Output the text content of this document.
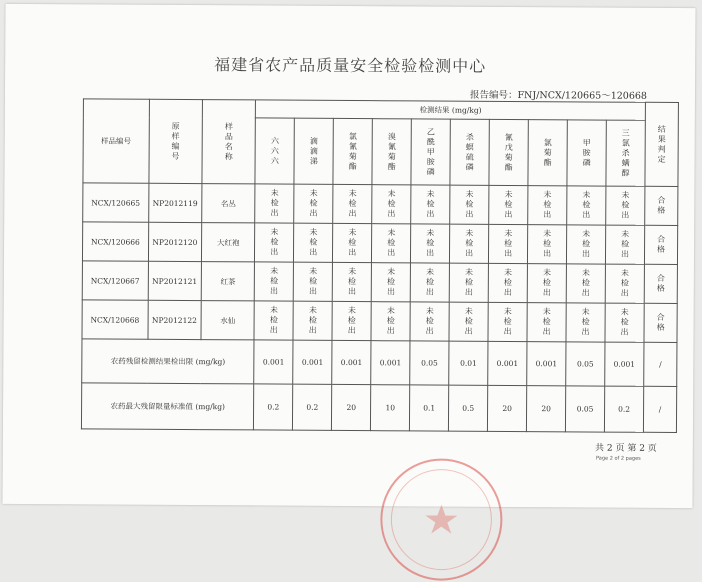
福建省农产品质量安全检验检测中心
报告编号：FNJ/NCX/120665～120668
样品编号	原样编号	样品名称	检测结果 (mg/kg)										结果判定
			六六六	滴滴涕	氯氰菊酯	溴氰菊酯	乙酰甲胺磷	杀螟硫磷	氰戊菊酯	氯菊酯	甲胺磷	三氯杀螨醇	
NCX/120665	NP2012119	名丛	未检出	未检出	未检出	未检出	未检出	未检出	未检出	未检出	未检出	未检出	合格
NCX/120666	NP2012120	大红袍	未检出	未检出	未检出	未检出	未检出	未检出	未检出	未检出	未检出	未检出	合格
NCX/120667	NP2012121	红茶	未检出	未检出	未检出	未检出	未检出	未检出	未检出	未检出	未检出	未检出	合格
NCX/120668	NP2012122	水仙	未检出	未检出	未检出	未检出	未检出	未检出	未检出	未检出	未检出	未检出	合格
农药残留检测结果检出限 (mg/kg)			0.001	0.001	0.001	0.001	0.05	0.01	0.001	0.001	0.05	0.001	/
农药最大残留限量标准值 (mg/kg)			0.2	0.2	20	10	0.1	0.5	20	20	0.05	0.2	/
共 2 页 第 2 页
Page 2 of 2 pages
